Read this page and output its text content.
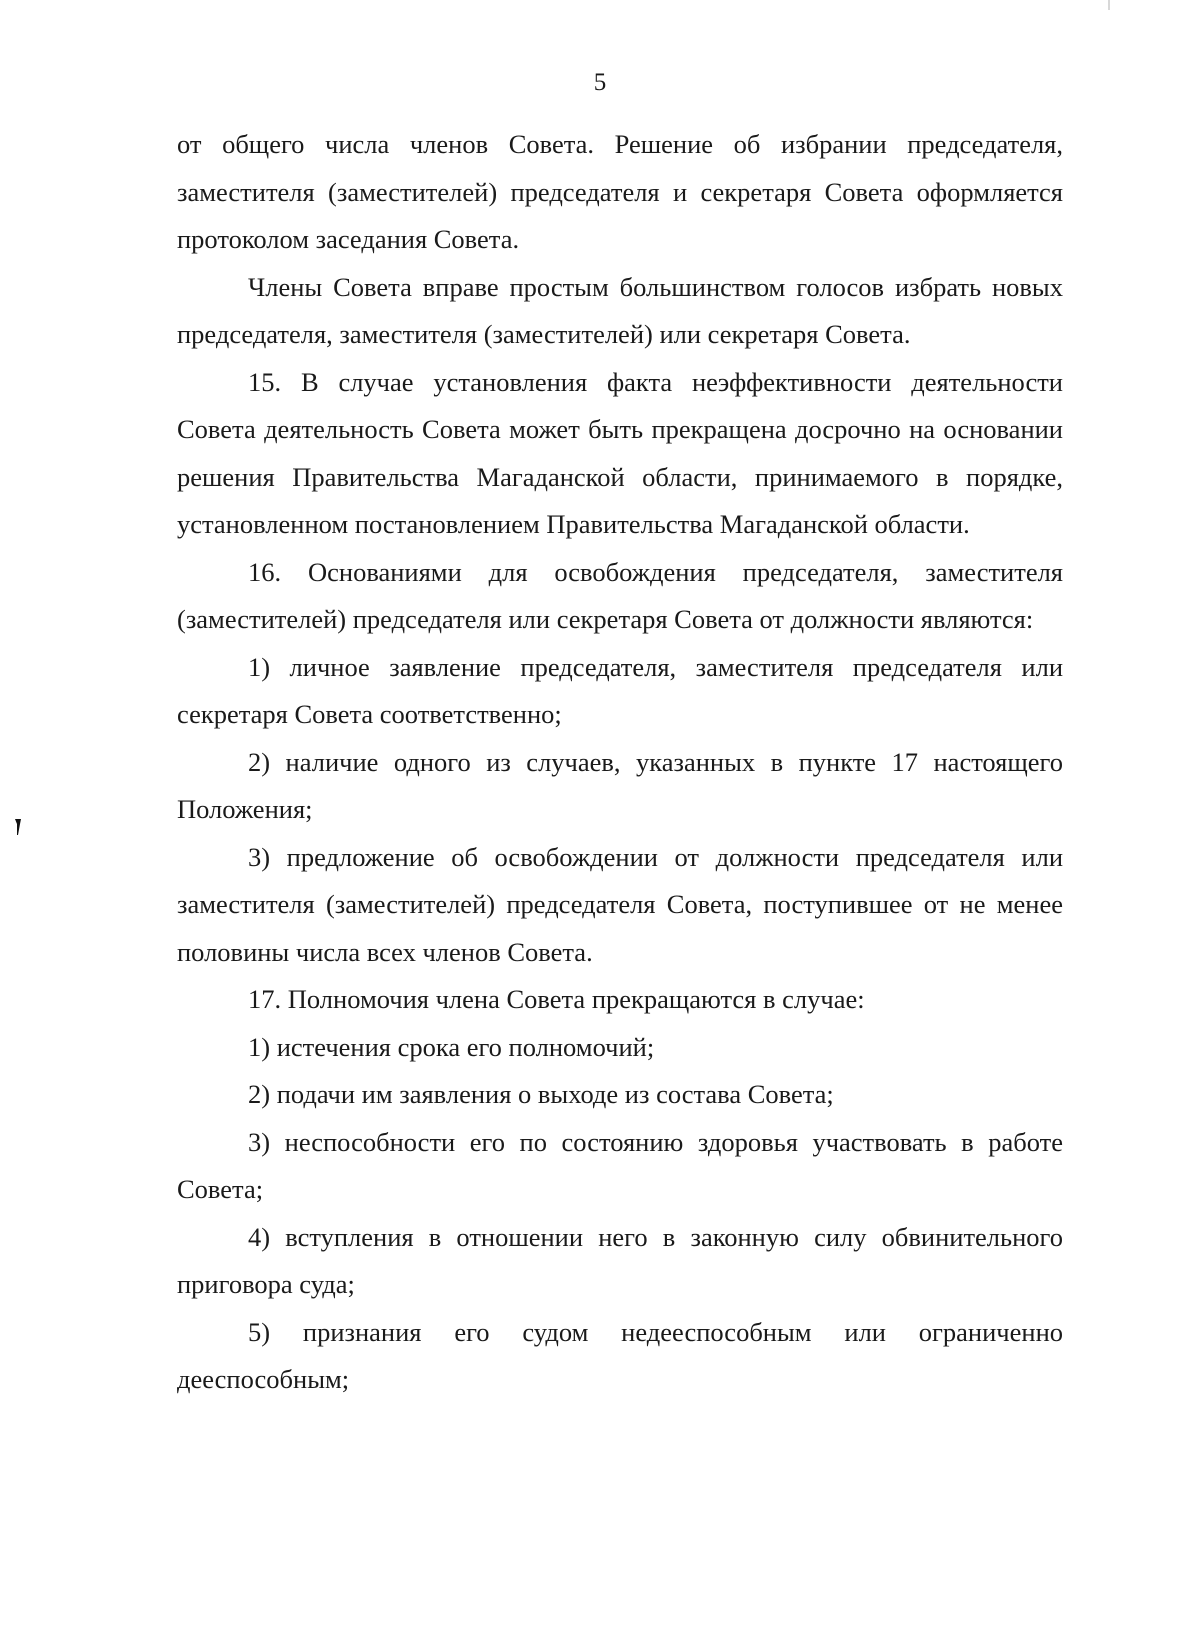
5

от общего числа членов Совета. Решение об избрании председателя, заместителя (заместителей) председателя и секретаря Совета оформляется протоколом заседания Совета.

Члены Совета вправе простым большинством голосов избрать новых председателя, заместителя (заместителей) или секретаря Совета.

15. В случае установления факта неэффективности деятельности Совета деятельность Совета может быть прекращена досрочно на основании решения Правительства Магаданской области, принимаемого в порядке, установленном постановлением Правительства Магаданской области.

16. Основаниями для освобождения председателя, заместителя (заместителей) председателя или секретаря Совета от должности являются:

1) личное заявление председателя, заместителя председателя или секретаря Совета соответственно;

2) наличие одного из случаев, указанных в пункте 17 настоящего Положения;

3) предложение об освобождении от должности председателя или заместителя (заместителей) председателя Совета, поступившее от не менее половины числа всех членов Совета.

17. Полномочия члена Совета прекращаются в случае:

1) истечения срока его полномочий;

2) подачи им заявления о выходе из состава Совета;

3) неспособности его по состоянию здоровья участвовать в работе Совета;

4) вступления в отношении него в законную силу обвинительного приговора суда;

5) признания его судом недееспособным или ограниченно дееспособным;
